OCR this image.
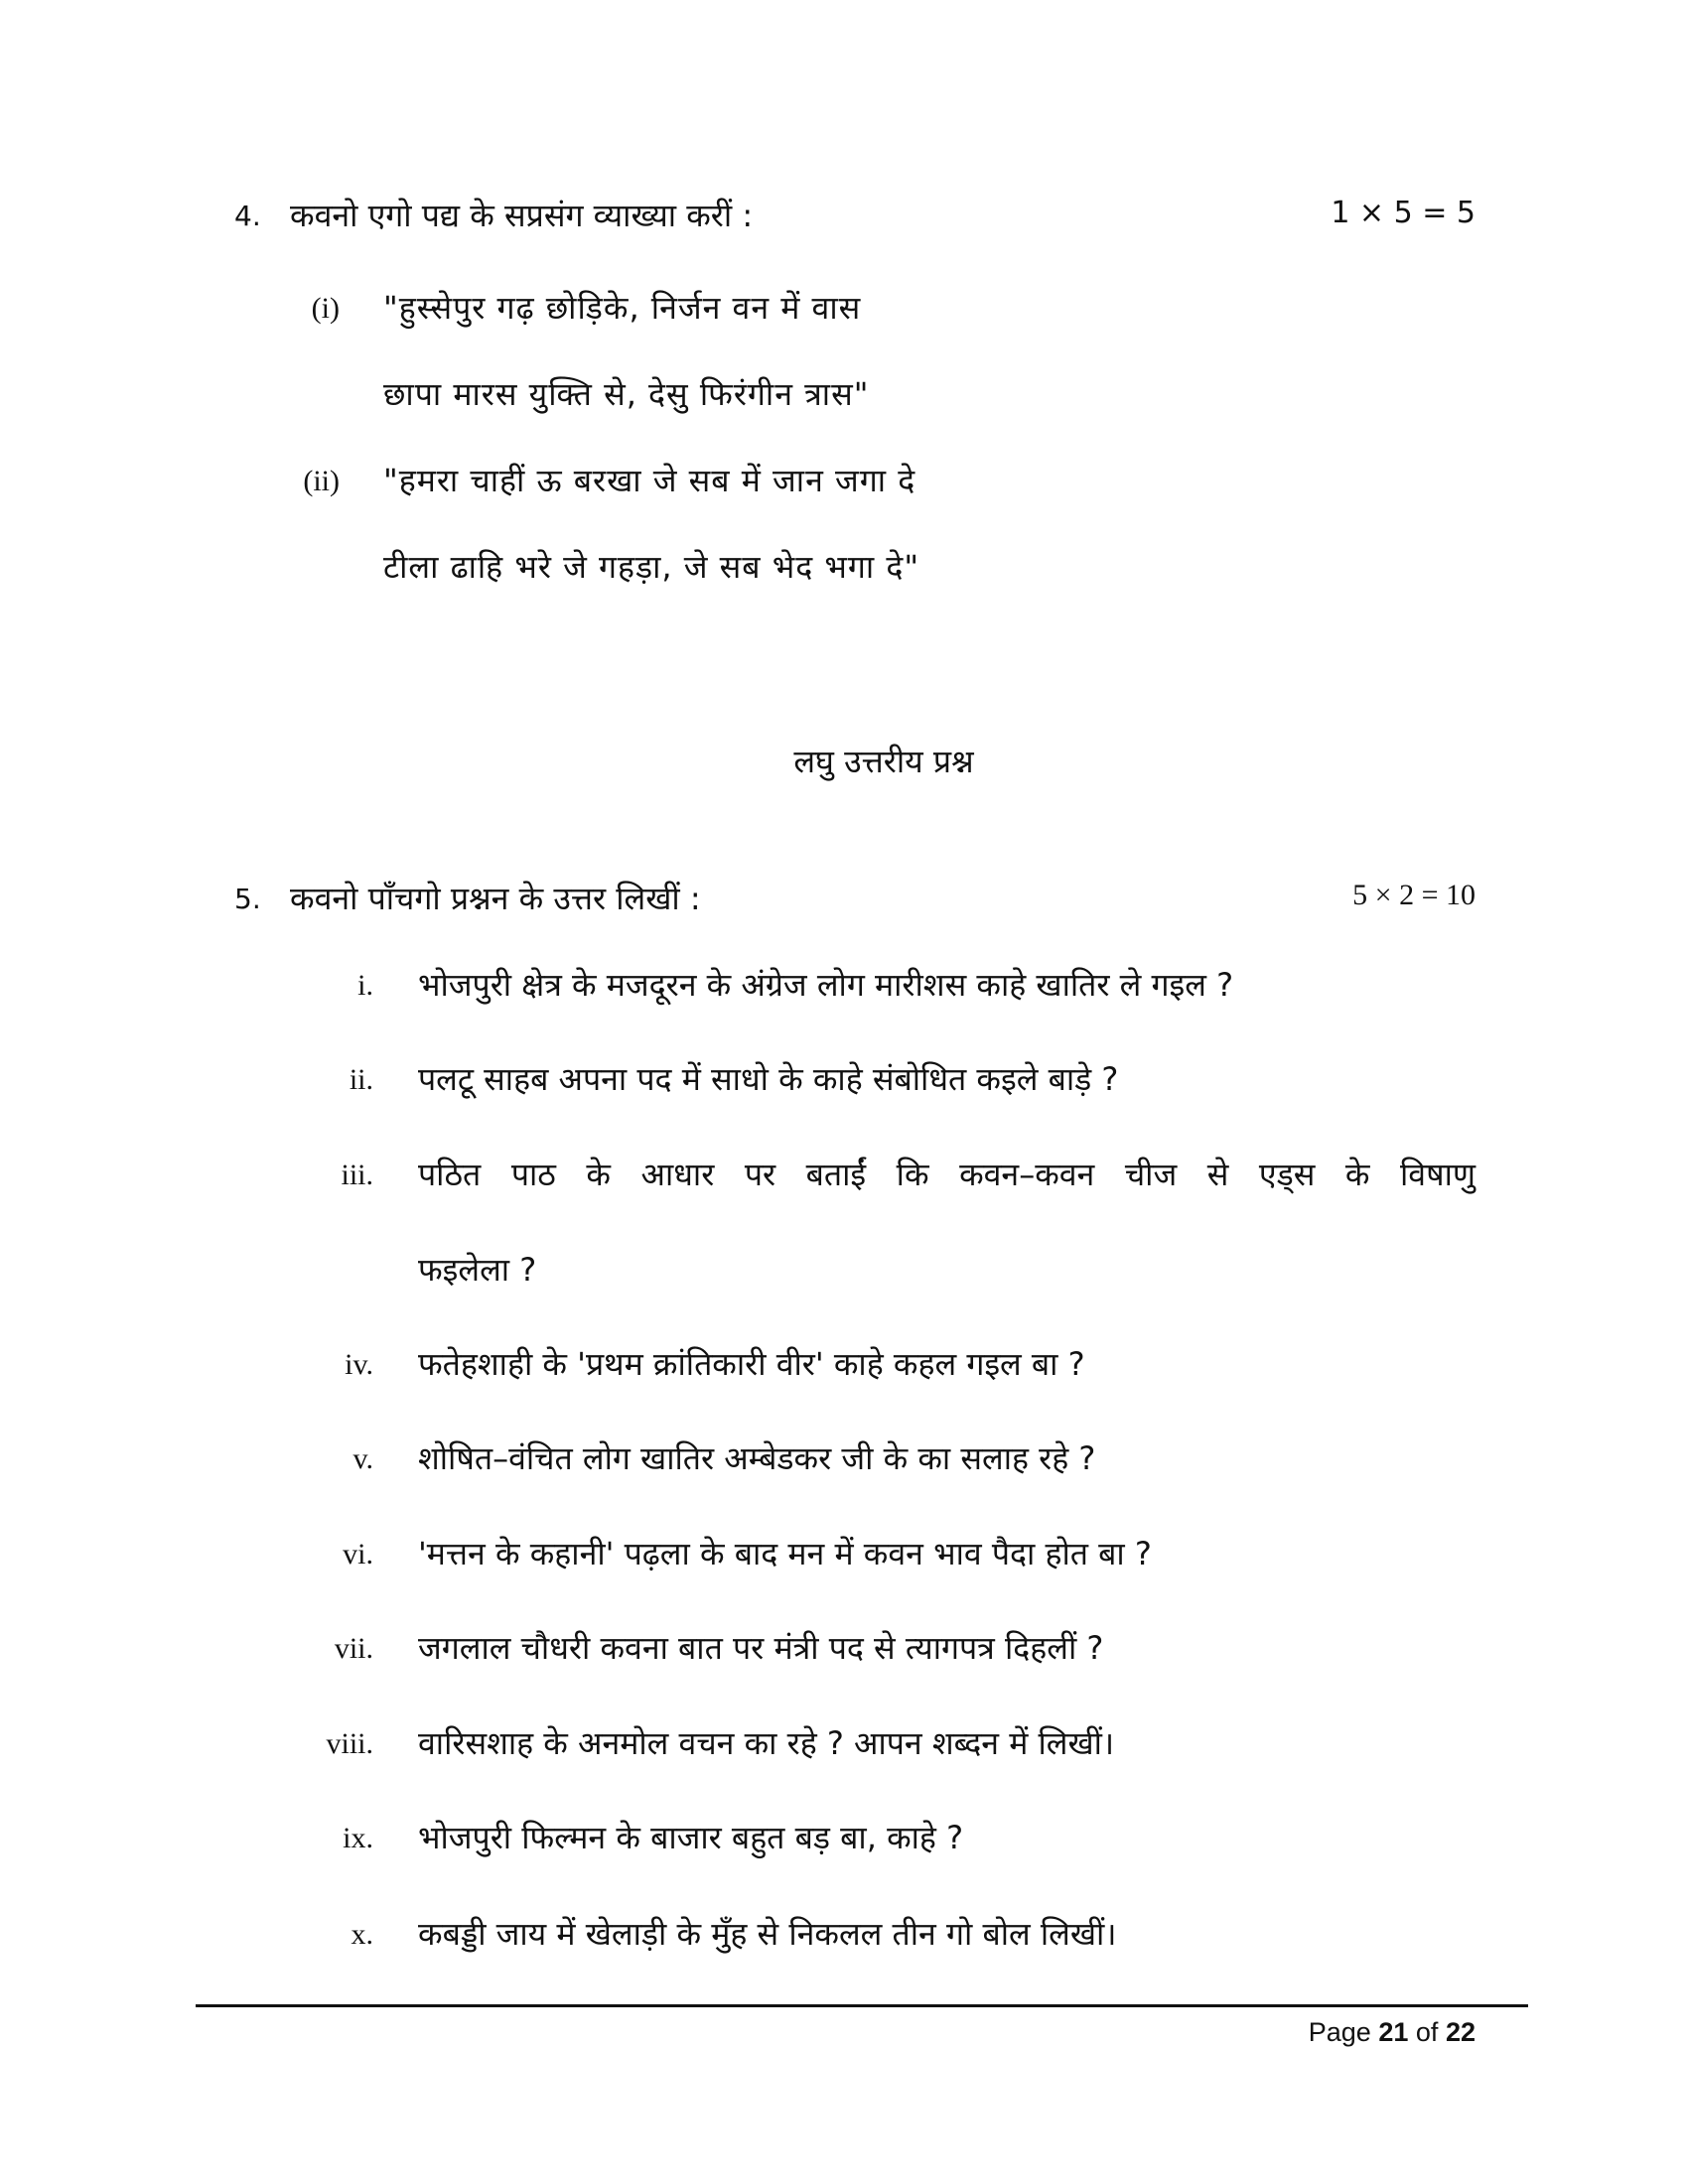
4. कवनो एगो पद्य के सप्रसंग व्याख्या करीं :	1 × 5 = 5
(i) "हुस्सेपुर गढ़ छोड़िके, निर्जन वन में वास
छापा मारस युक्ति से, देसु फिरंगीन त्रास"
(ii) "हमरा चाहीं ऊ बरखा जे सब में जान जगा दे
टीला ढाहि भरे जे गहड़ा, जे सब भेद भगा दे"
लघु उत्तरीय प्रश्न
5. कवनो पाँचगो प्रश्नन के उत्तर लिखीं :	5 × 2 = 10
i. भोजपुरी क्षेत्र के मजदूरन के अंग्रेज लोग मारीशस काहे खातिर ले गइल ?
ii. पलटू साहब अपना पद में साधो के काहे संबोधित कइले बाड़े ?
iii. पठित पाठ के आधार पर बताईं कि कवन–कवन चीज से एड्स के विषाणु
फइलेला ?
iv. फतेहशाही के 'प्रथम क्रांतिकारी वीर' काहे कहल गइल बा ?
v. शोषित–वंचित लोग खातिर अम्बेडकर जी के का सलाह रहे ?
vi. 'मत्तन के कहानी' पढ़ला के बाद मन में कवन भाव पैदा होत बा ?
vii. जगलाल चौधरी कवना बात पर मंत्री पद से त्यागपत्र दिहलीं ?
viii. वारिसशाह के अनमोल वचन का रहे ? आपन शब्दन में लिखीं।
ix. भोजपुरी फिल्मन के बाजार बहुत बड़ बा, काहे ?
x. कबड्डी जाय में खेलाड़ी के मुँह से निकलल तीन गो बोल लिखीं।
Page 21 of 22
